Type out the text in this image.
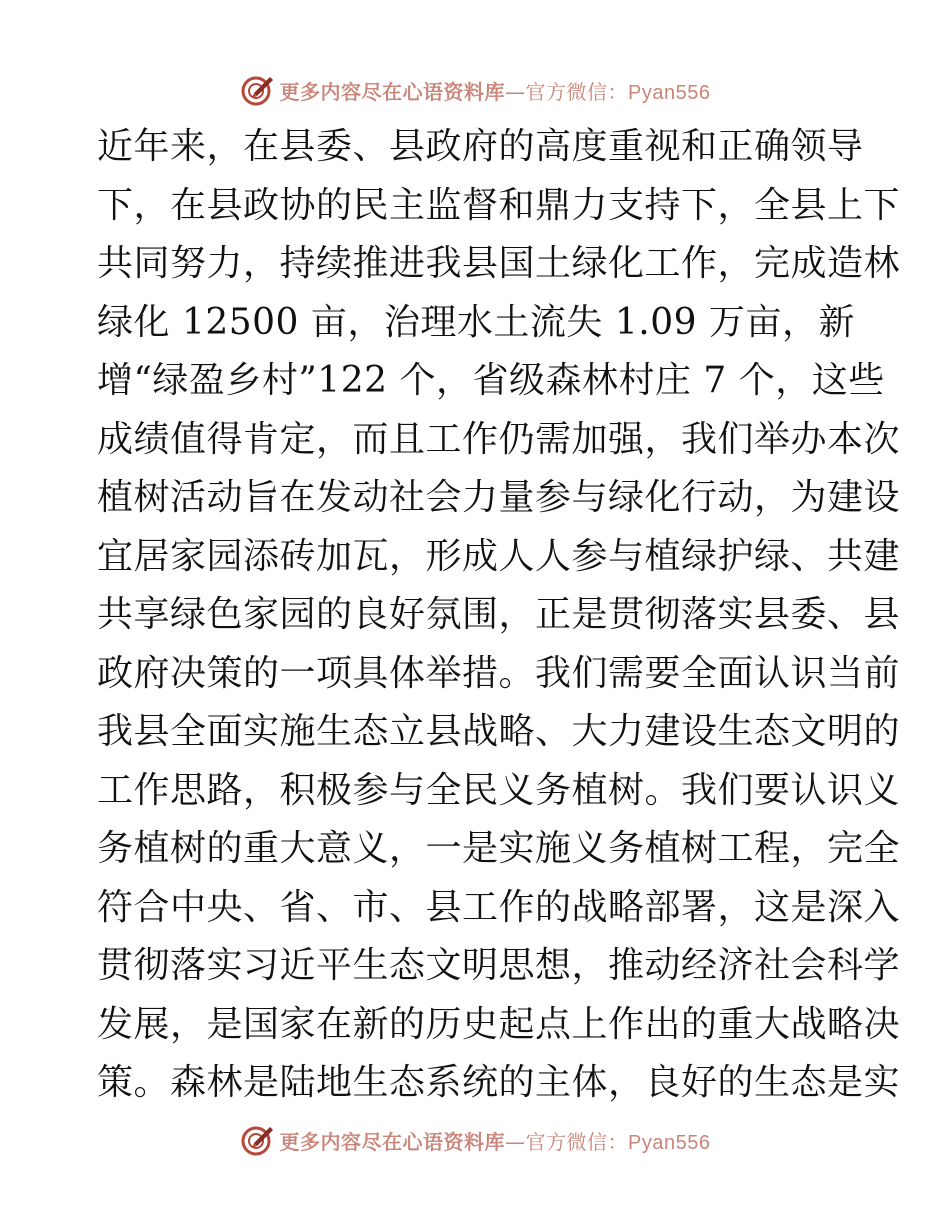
更多内容尽在心语资料库—官方微信：Pyan556
近年来，在县委、县政府的高度重视和正确领导
下，在县政协的民主监督和鼎力支持下，全县上下
共同努力，持续推进我县国土绿化工作，完成造林
绿化 12500 亩，治理水土流失 1.09 万亩，新
增“绿盈乡村”122 个，省级森林村庄 7 个，这些
成绩值得肯定，而且工作仍需加强，我们举办本次
植树活动旨在发动社会力量参与绿化行动，为建设
宜居家园添砖加瓦，形成人人参与植绿护绿、共建
共享绿色家园的良好氛围，正是贯彻落实县委、县
政府决策的一项具体举措。我们需要全面认识当前
我县全面实施生态立县战略、大力建设生态文明的
工作思路，积极参与全民义务植树。我们要认识义
务植树的重大意义，一是实施义务植树工程，完全
符合中央、省、市、县工作的战略部署，这是深入
贯彻落实习近平生态文明思想，推动经济社会科学
发展，是国家在新的历史起点上作出的重大战略决
策。森林是陆地生态系统的主体，良好的生态是实
更多内容尽在心语资料库—官方微信：Pyan556
